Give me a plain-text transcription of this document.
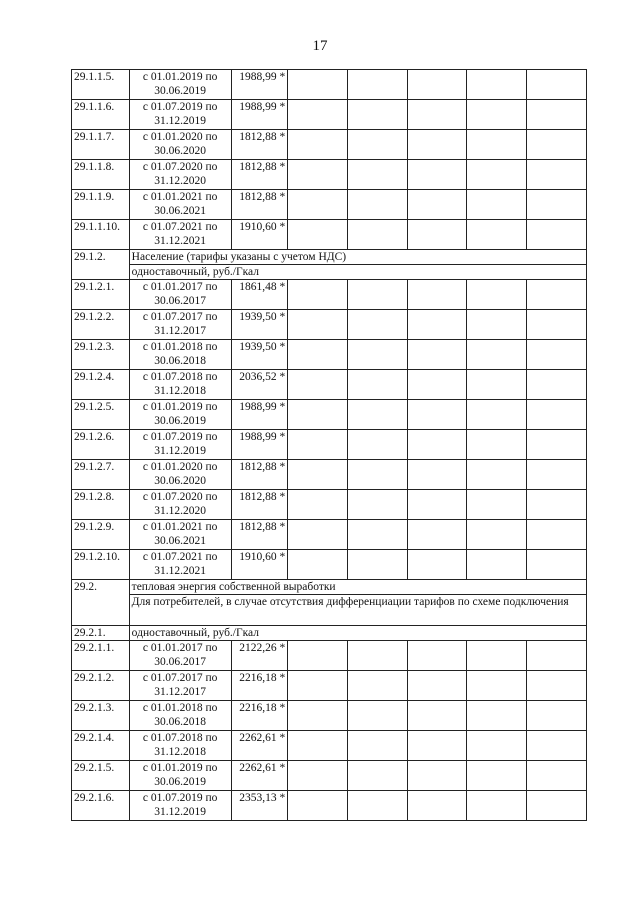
17
29.1.1.5.	с 01.01.2019 по 30.06.2019	1988,99 *					
29.1.1.6.	с 01.07.2019 по 31.12.2019	1988,99 *					
29.1.1.7.	с 01.01.2020 по 30.06.2020	1812,88 *					
29.1.1.8.	с 01.07.2020 по 31.12.2020	1812,88 *					
29.1.1.9.	с 01.01.2021 по 30.06.2021	1812,88 *					
29.1.1.10.	с 01.07.2021 по 31.12.2021	1910,60 *					
29.1.2.	Население (тарифы указаны с учетом НДС)						
	одноставочный, руб./Гкал						
29.1.2.1.	с 01.01.2017 по 30.06.2017	1861,48 *					
29.1.2.2.	с 01.07.2017 по 31.12.2017	1939,50 *					
29.1.2.3.	с 01.01.2018 по 30.06.2018	1939,50 *					
29.1.2.4.	с 01.07.2018 по 31.12.2018	2036,52 *					
29.1.2.5.	с 01.01.2019 по 30.06.2019	1988,99 *					
29.1.2.6.	с 01.07.2019 по 31.12.2019	1988,99 *					
29.1.2.7.	с 01.01.2020 по 30.06.2020	1812,88 *					
29.1.2.8.	с 01.07.2020 по 31.12.2020	1812,88 *					
29.1.2.9.	с 01.01.2021 по 30.06.2021	1812,88 *					
29.1.2.10.	с 01.07.2021 по 31.12.2021	1910,60 *					
29.2.	тепловая энергия собственной выработки						
	Для потребителей, в случае отсутствия дифференциации тарифов по схеме подключения						
29.2.1.	одноставочный, руб./Гкал						
29.2.1.1.	с 01.01.2017 по 30.06.2017	2122,26 *					
29.2.1.2.	с 01.07.2017 по 31.12.2017	2216,18 *					
29.2.1.3.	с 01.01.2018 по 30.06.2018	2216,18 *					
29.2.1.4.	с 01.07.2018 по 31.12.2018	2262,61 *					
29.2.1.5.	с 01.01.2019 по 30.06.2019	2262,61 *					
29.2.1.6.	с 01.07.2019 по 31.12.2019	2353,13 *					
